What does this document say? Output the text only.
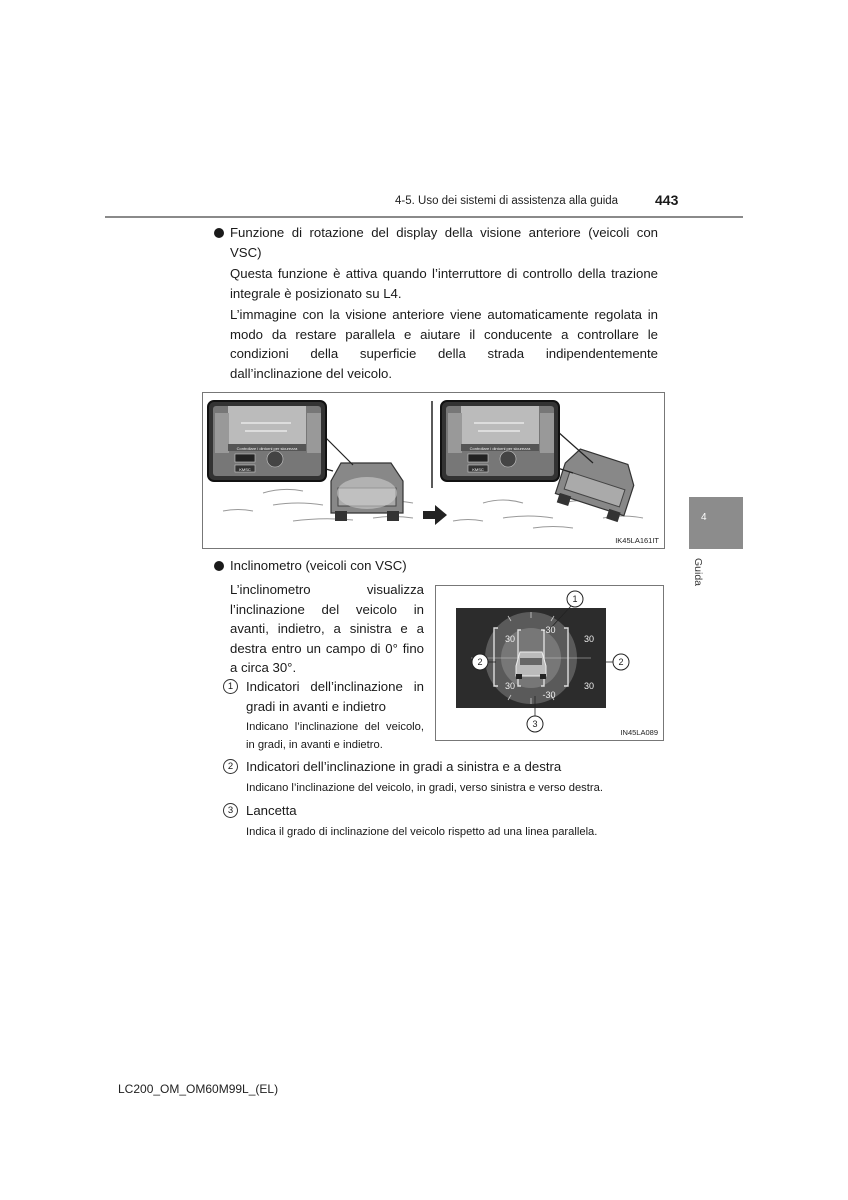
4-5. Uso dei sistemi di assistenza alla guida	443
4
Guida
Funzione di rotazione del display della visione anteriore (veicoli con VSC)
Questa funzione è attiva quando l’interruttore di controllo della trazione integrale è posizionato su L4.
L’immagine con la visione anteriore viene automaticamente regolata in modo da restare parallela e aiutare il conducente a controllare le condizioni della superficie della strada indipendentemente dall’inclinazione del veicolo.
Controllare i dintorni per sicurezza
KMSC
Controllare i dintorni per sicurezza
KMSC
IK45LA161IT
Inclinometro (veicoli con VSC)
L’inclinometro visualizza l’inclinazione del veicolo in avanti, indietro, a sinistra e a destra entro un campo di 0° fino a circa 30°.
-30
-30
30
30
30
30
1
2	2
3
IN45LA089
1 Indicatori dell’inclinazione in gradi in avanti e indietro
Indicano l’inclinazione del veicolo, in gradi, in avanti e indietro.
2 Indicatori dell’inclinazione in gradi a sinistra e a destra
Indicano l’inclinazione del veicolo, in gradi, verso sinistra e verso destra.
3 Lancetta
Indica il grado di inclinazione del veicolo rispetto ad una linea parallela.
LC200_OM_OM60M99L_(EL)
